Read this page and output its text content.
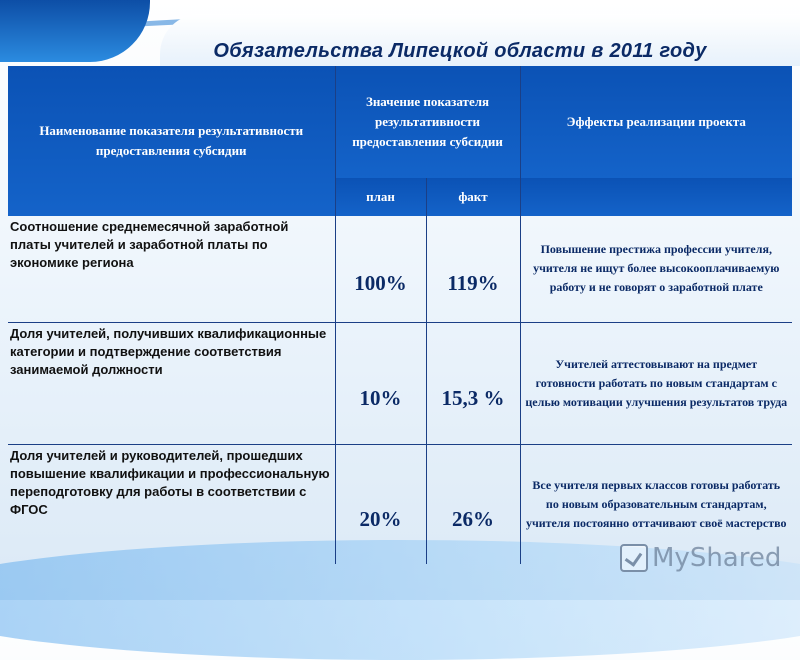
Обязательства Липецкой области в 2011 году
Наименование показателя результативности предоставления субсидии	Значение показателя результативности предоставления субсидии		Эффекты реализации проекта
	план	факт	
Соотношение среднемесячной заработной платы учителей и заработной платы по экономике региона	100%	119%	Повышение престижа профессии учителя, учителя не ищут более высокооплачиваемую работу и не говорят о заработной плате
Доля учителей, получивших квалификационные категории и подтверждение соответствия занимаемой должности	10%	15,3 %	Учителей аттестовывают на предмет готовности работать по новым стандартам с целью мотивации улучшения результатов труда
Доля учителей и руководителей, прошедших повышение квалификации и профессиональную переподготовку для работы в соответствии с ФГОС	20%	26%	Все учителя первых классов готовы работать по новым образовательным стандартам, учителя постоянно оттачивают своё мастерство
MyShared
